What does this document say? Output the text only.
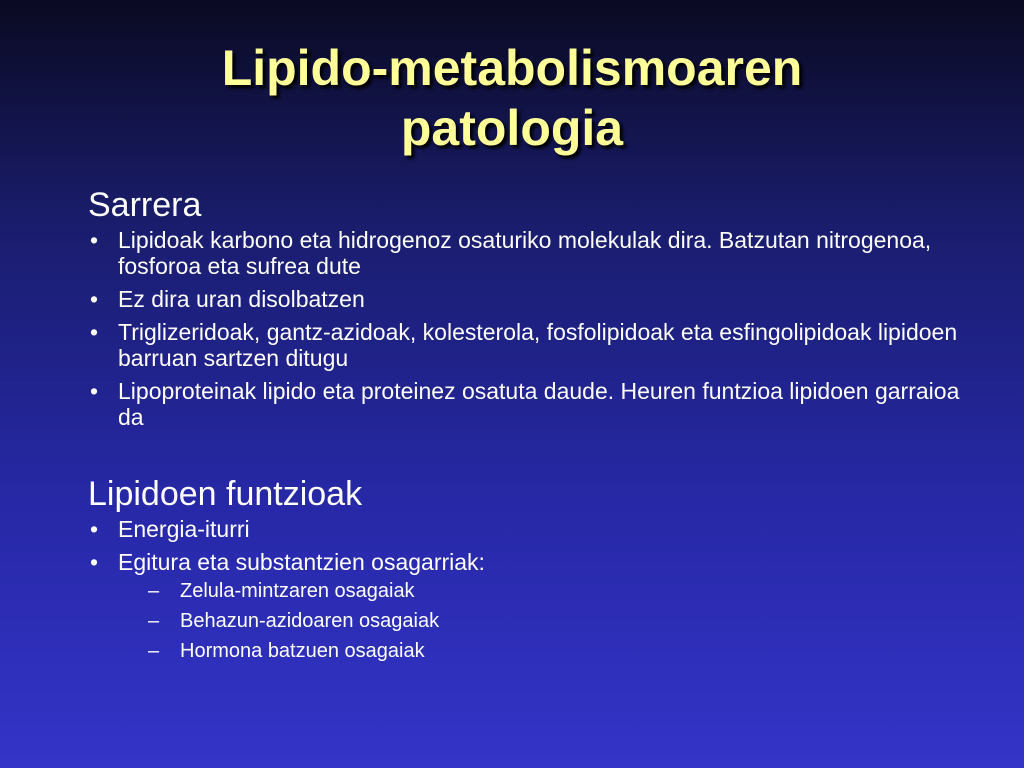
Lipido-metabolismoaren
patologia
Sarrera
• Lipidoak karbono eta hidrogenoz osaturiko molekulak dira. Batzutan nitrogenoa, fosforoa eta sufrea dute
• Ez dira uran disolbatzen
• Triglizeridoak, gantz-azidoak, kolesterola, fosfolipidoak eta esfingolipidoak lipidoen barruan sartzen ditugu
• Lipoproteinak lipido eta proteinez osatuta daude. Heuren funtzioa lipidoen garraioa da
Lipidoen funtzioak
• Energia-iturri
• Egitura eta substantzien osagarriak:
– Zelula-mintzaren osagaiak
– Behazun-azidoaren osagaiak
– Hormona batzuen osagaiak
